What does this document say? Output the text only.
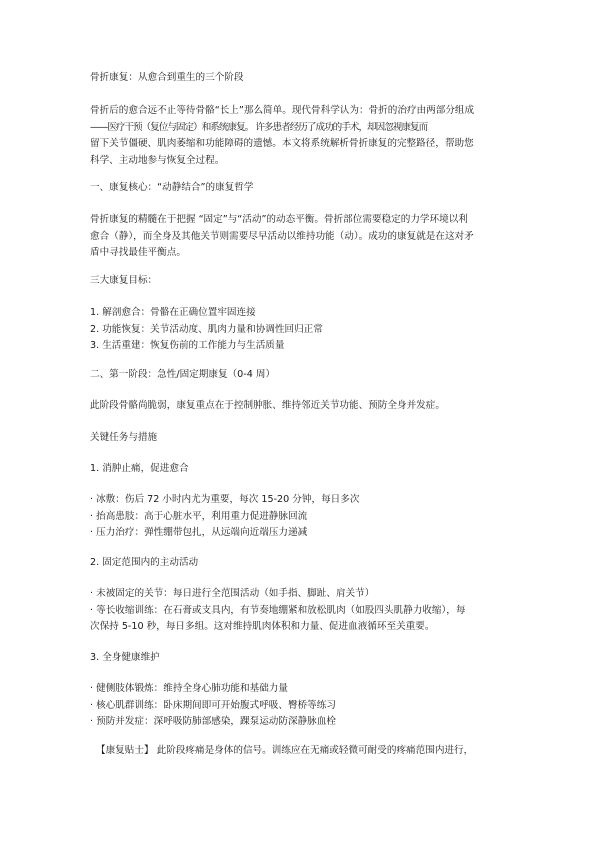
骨折康复：从愈合到重生的三个阶段
骨折后的愈合远不止等待骨骼“长上”那么简单。现代骨科学认为：骨折的治疗由两部分组成
——医疗干预（复位与固定）和系统康复。 许多患者经历了成功的手术，却因忽视康复而
留下关节僵硬、肌肉萎缩和功能障碍的遗憾。本文将系统解析骨折康复的完整路径，帮助您
科学、主动地参与恢复全过程。
一、康复核心：“动静结合”的康复哲学
骨折康复的精髓在于把握 “固定”与“活动”的动态平衡。骨折部位需要稳定的力学环境以利
愈合（静），而全身及其他关节则需要尽早活动以维持功能（动）。成功的康复就是在这对矛
盾中寻找最佳平衡点。
三大康复目标：
1. 解剖愈合：骨骼在正确位置牢固连接
2. 功能恢复：关节活动度、肌肉力量和协调性回归正常
3. 生活重建：恢复伤前的工作能力与生活质量
二、第一阶段：急性/固定期康复（0-4 周）
此阶段骨骼尚脆弱，康复重点在于控制肿胀、维持邻近关节功能、预防全身并发症。
关键任务与措施
1. 消肿止痛，促进愈合
· 冰敷：伤后 72 小时内尤为重要，每次 15-20 分钟，每日多次
· 抬高患肢：高于心脏水平，利用重力促进静脉回流
· 压力治疗：弹性绷带包扎，从远端向近端压力递减
2. 固定范围内的主动活动
· 未被固定的关节：每日进行全范围活动（如手指、脚趾、肩关节）
· 等长收缩训练：在石膏或支具内，有节奏地绷紧和放松肌肉（如股四头肌静力收缩），每
次保持 5-10 秒，每日多组。这对维持肌肉体积和力量、促进血液循环至关重要。
3. 全身健康维护
· 健侧肢体锻炼：维持全身心肺功能和基础力量
· 核心肌群训练：卧床期间即可开始腹式呼吸、臀桥等练习
· 预防并发症：深呼吸防肺部感染，踝泵运动防深静脉血栓
【康复贴士】 此阶段疼痛是身体的信号。训练应在无痛或轻微可耐受的疼痛范围内进行，
